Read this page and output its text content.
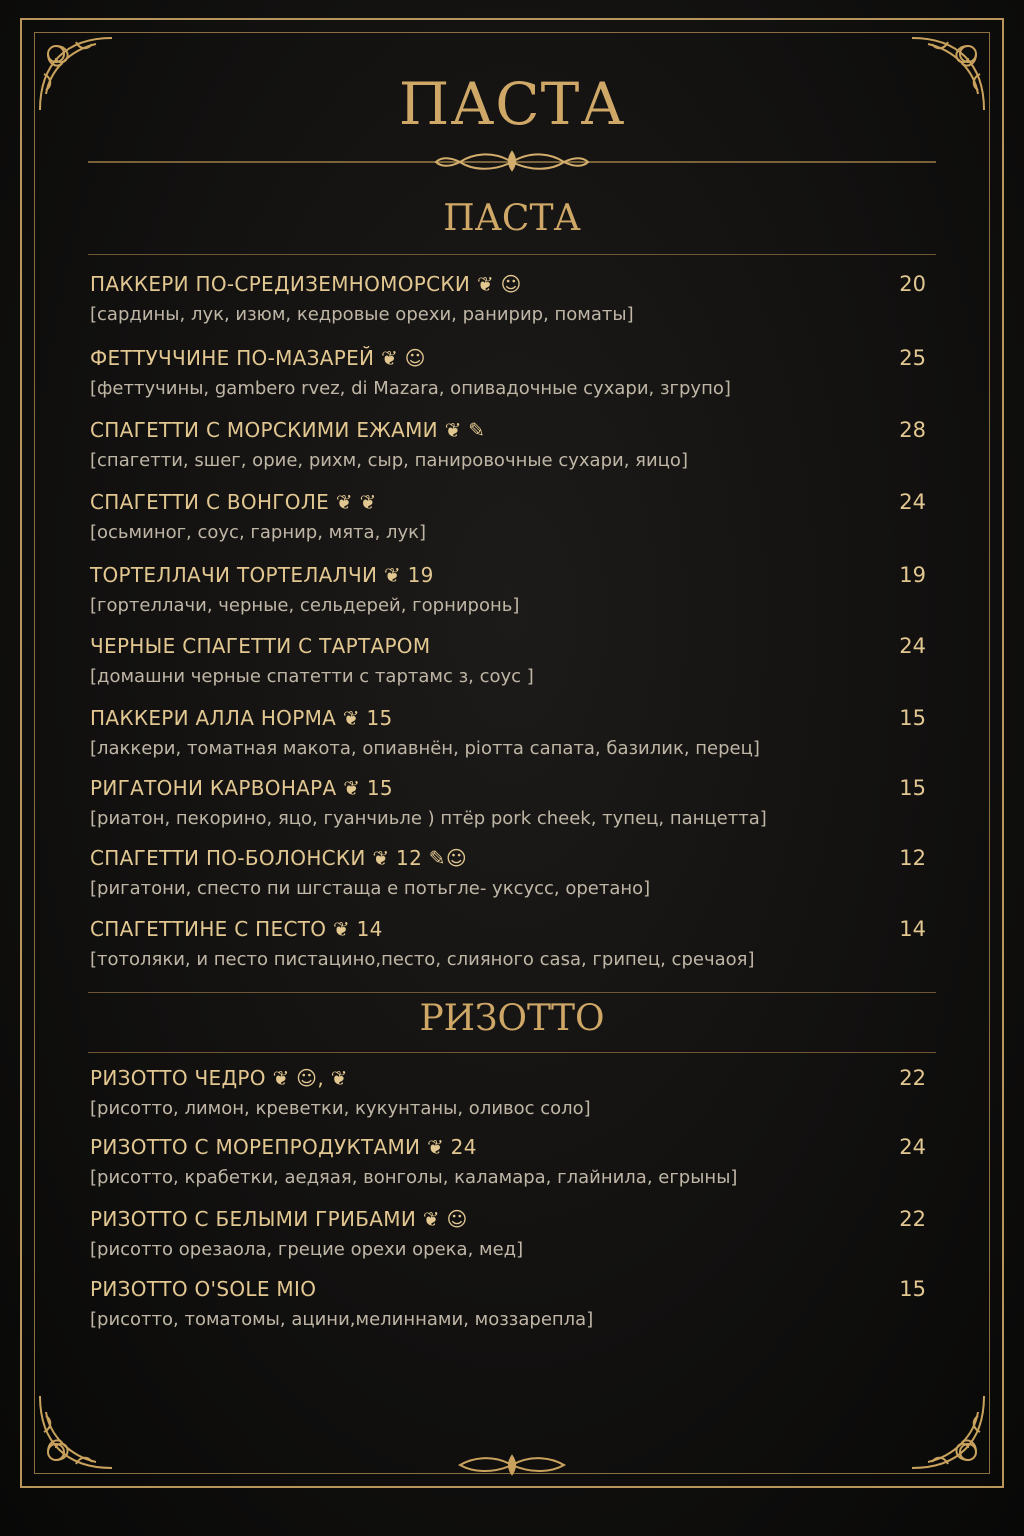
ПАСТА
ПАСТА
ПАККЕРИ ПО-СРЕДИЗЕМНОМОРСКИ ❦ ☺	20
[сардины, лук, изюм, кедровые орехи, ранирир, поматы]
ФЕТТУЧЧИНЕ ПО-МАЗАРЕЙ ❦ ☺	25
[феттучины, gambero rvez, di Mazara, опивадочные сухари, згрупо]
СПАГЕТТИ С МОРСКИМИ ЕЖАМИ ❦ ✎	28
[спагетти, sшег, орие, рихм, сыр, панировочные сухари, яицо]
СПАГЕТТИ С ВОНГОЛЕ ❦ ❦	24
[осьминог, соус, гарнир, мята, лук]
ТОРТЕЛЛАЧИ ТОРТЕЛАЛЧИ ❦ 19	19
[гортеллачи, черные, сельдерей, горниронь]
ЧЕРНЫЕ СПАГЕТТИ С ТАРТАРОМ	24
[домашни черные спатетти с тартамс з, соус ]
ПАККЕРИ АЛЛА НОРМА ❦ 15	15
[лаккери, томатная макота, опиавнён, piотта сапата, базилик, перец]
РИГАТОНИ КАРВОНАРА ❦ 15	15
[риатон, пекорино, яцо, гуанчиьле ) птёр pork cheek, тупец, панцетта]
СПАГЕТТИ ПО-БОЛОНСКИ ❦ 12 ✎☺	12
[ригатони, спесто пи шгстаща е потьгле- уксусс, оретано]
СПАГЕТТИНЕ С ПЕСТО ❦ 14	14
[тотоляки, и песто пистацино,песто, слияного сasa, грипец, сречаоя]
РИЗОТТО
РИЗОТТО ЧЕДРО ❦ ☺, ❦	22
[рисотто, лимон, креветки, кукунтаны, оливос соло]
РИЗОТТО С МОРЕПРОДУКТАМИ ❦ 24	24
[рисотто, крабетки, аедяая, вонголы, каламара, глайнила, егрыны]
РИЗОТТО С БЕЛЫМИ ГРИБАМИ ❦ ☺	22
[рисотто орезаола, грецие орехи орека, мед]
РИЗОТТО O'SOLE MIO	15
[рисотто, томатомы, ацини,мелиннами, моззарепла]
